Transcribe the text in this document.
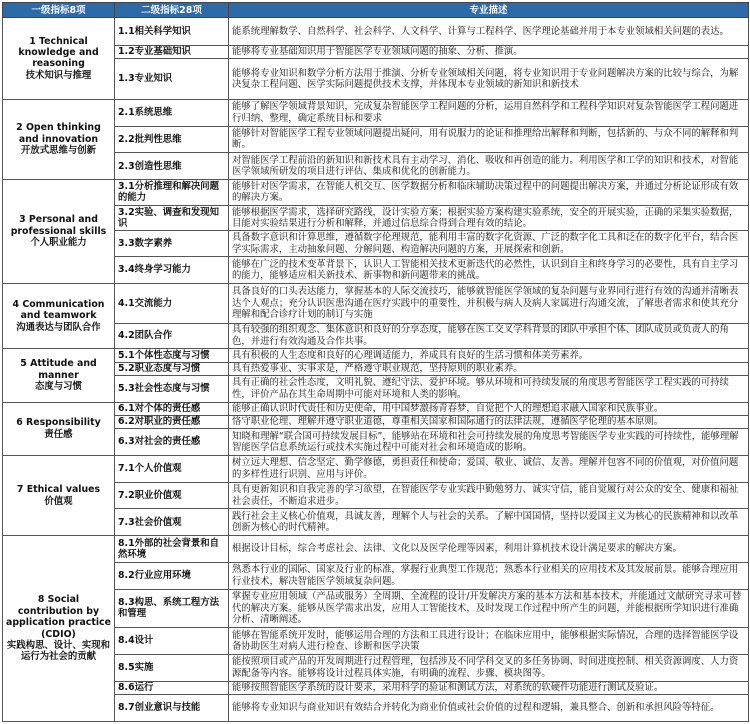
一级指标8项	二级指标28项	专业描述

1 Technical knowledge and reasoning
技术知识与推理	1.1相关科学知识	能系统理解数学、自然科学、社会科学、人文科学、计算与工程科学、医学理论基础并用于本专业领域相关问题的表达。
	1.2专业基础知识	能够将专业基础知识用于智能医学专业领域问题的抽象、分析、推演。
	1.3专业知识	能够将专业知识和数学分析方法用于推演、分析专业领域相关问题，将专业知识用于专业问题解决方案的比较与综合，为解决复杂工程问题、医学实际问题提供技术支撑，并体现本专业领域的新知识和新技术

2 Open thinking and innovation
开放式思维与创新	2.1系统思维	能够了解医学领域背景知识，完成复杂智能医学工程问题的分析，运用自然科学和工程科学知识对复杂智能医学工程问题进行归纳、整理，确定系统目标和要求
	2.2批判性思维	能够针对智能医学工程专业领域问题提出疑问，用有说服力的论证和推理给出解释和判断，包括新的、与众不同的解释和判断。
	2.3创造性思维	对智能医学工程前沿的新知识和新技术具有主动学习、消化、吸收和再创造的能力。利用医学和工学的知识和技术，对智能医学领域所研发的项目进行评估、集成和优化的创新能力。

3 Personal and professional skills
个人职业能力	3.1分析推理和解决问题的能力	能够针对医学需求，在智能人机交互、医学数据分析和临床辅助决策过程中的问题提出解决方案，并通过分析论证形成有效的解决方案。
	3.2实验、调查和发现知识	能够根据医学需求，选择研究路线，设计实验方案；根据实验方案构建实验系统，安全的开展实验，正确的采集实验数据，目能对实验结果进行分析和解释，并通过信息综合得到合理有效的结论。
	3.3数字素养	具备数字意识和计算思维，遵循数字伦理规范，能利用丰富的数字化资源、广泛的数字化工具和泛在的数字化平台，结合医学实际需求，主动抽象问题、分解问题、构造解决问题的方案，开展探索和创新。
	3.4终身学习能力	能够在广泛的技术变革背景下，认识人工智能相关技术更新迭代的必然性，认识到自主和终身学习的必要性，具有自主学习的能力，能够适应相关新技术、新事物和新问题带来的挑战。

4 Communication and teamwork
沟通表达与团队合作	4.1交流能力	具备良好的口头表达能力，掌握基本的人际交流技巧，能够就智能医学领域的复杂问题与业界同行进行有效的沟通并清晰表达个人观点；充分认识医患沟通在医疗实践中的重要性，并积极与病人及病人家属进行沟通交流，了解患者需求和使其充分理解和配合诊疗计划的制订与实施
	4.2团队合作	具有较强的组织观念、集体意识和良好的分享态度，能够在医工交叉学科背景的团队中承担个体、团队成员或负责人的角色，并进行有效沟通及合作共事。

5 Attitude and manner
态度与习惯	5.1个体性态度与习惯	具有积极的人生态度和良好的心理调适能力，养成具有良好的生活习惯和体美劳素养。
	5.2职业态度与习惯	具有热爱事业、实事求是，严格遵守职业规范，坚持原则的职业素养。
	5.3社会性态度与习惯	具有正确的社会性态度，文明礼貌、遵纪守法、爱护环境。够从环境和可持续发展的角度思考智能医学工程实践的可持续性，评价产品在其生命周期中可能对环境和人类的影响。

6 Responsibility
责任感	6.1对个体的责任感	能够正确认识时代责任和历史使命，用中国梦激扬青春梦，自觉把个人的理想追求融入国家和民族事业。
	6.2对职业的责任感	恪守职业伦理、理解并遵守职业道德，尊重相关国家和国际通行的法律法规，遵循医学伦理的基本原则。
	6.3对社会的责任感	知晓和理解“联合国可持续发展目标”，能够站在环境和社会可持续发展的角度思考智能医学专业实践的可持续性，能够理解智能医学信息系统运行或技术实施过程中可能对社会和环境造成的影响。

7 Ethical values
价值观	7.1个人价值观	树立远大理想、信念坚定、勤学修德，勇担责任和使命；爱国、敬业、诚信、友善。理解并包容不同的价值观，对价值问题的多样性进行识别、应用与评价。
	7.2职业价值观	具有更新知识和自我完善的学习欲望，在智能医学专业实践中勤勉努力、诚实守信，能自觉履行对公众的安全、健康和福祉社会责任，不断追求进步。
	7.3社会价值观	践行社会主义核心价值观，具诚友善，理解个人与社会的关系。了解中国国情，坚持以爱国主义为核心的民族精神和以改革创新为核心的时代精神。

8 Social contribution by application practice (CDIO)
实践构思、设计、实现和运行为社会的贡献	8.1外部的社会背景和自然环境	根据设计目标，综合考虑社会、法律、文化以及医学伦理等因素，利用计算机技术设计满足要求的解决方案。
	8.2行业应用环境	熟悉本行业的国际、国家及行业的标准，掌握行业典型工作规范；熟悉本行业相关的应用技术及其发展前景。能够合理应用行业技术，解决智能医学领域复杂问题。
	8.3构思、系统工程方法和管理	掌握专业应用领域（产品或服务）全周期、全流程的设计/开发解决方案的基本方法和基本技术，并能通过文献研究寻求可替代的解决方案。能够从医学需求出发，应用人工智能技术，及时发现工作过程中所产生的问题，并能根据所学知识进行准确分析、清晰阐述。
	8.4设计	能够在智能系统开发时，能够运用合理的方法和工具进行设计；在临床应用中，能够根据实际情况，合理的选择智能医学设备协助医生对病人进行检查、诊断和医学决策
	8.5实施	能按照项目或产品的开发周期进行过程管理，包括涉及不同学科交叉的多任务协调、时间进度控制、相关资源调度、人力资源配备等内容。能够将设计过程具体实施，有明确的流程、步骤、模块图等。
	8.6运行	能够按照智能医学系统的设计要求，采用科学的验证和测试方法，对系统的软硬件功能进行测试及验证。
	8.7创业意识与技能	能够将专业知识与商业知识有效结合并转化为商业价值或社会价值的过程和逻辑，兼具整合、创新和承担风险等特征。
